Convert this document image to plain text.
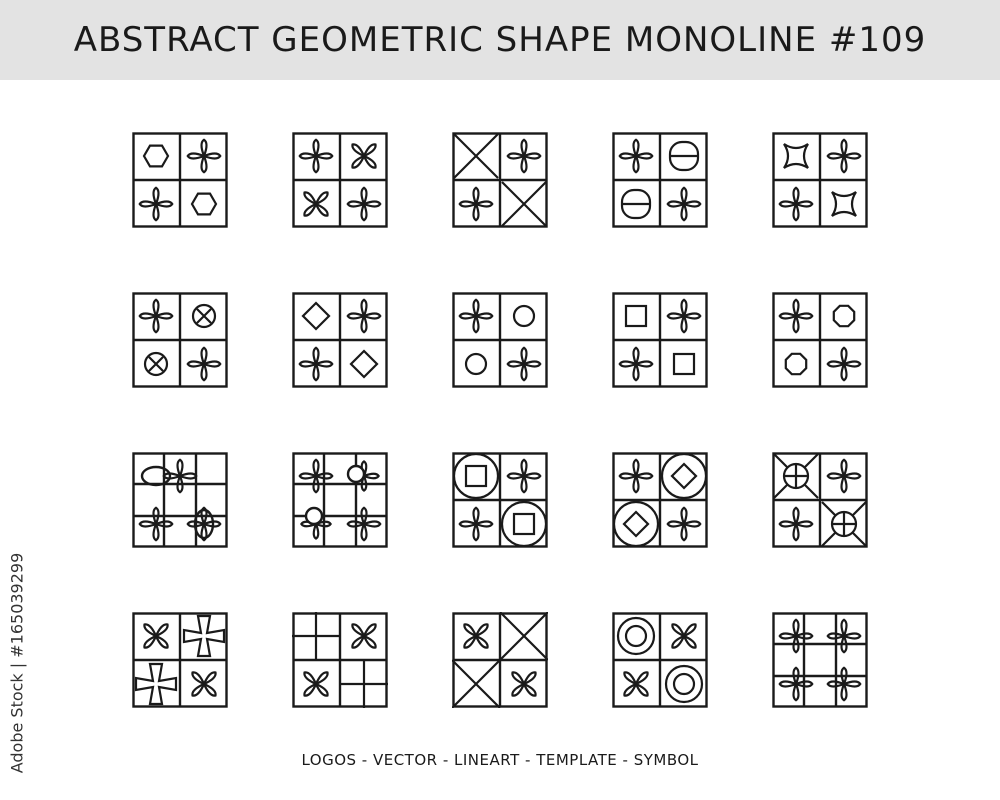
ABSTRACT GEOMETRIC SHAPE MONOLINE #109
LOGOS - VECTOR - LINEART - TEMPLATE - SYMBOL
Adobe Stock | #165039299
